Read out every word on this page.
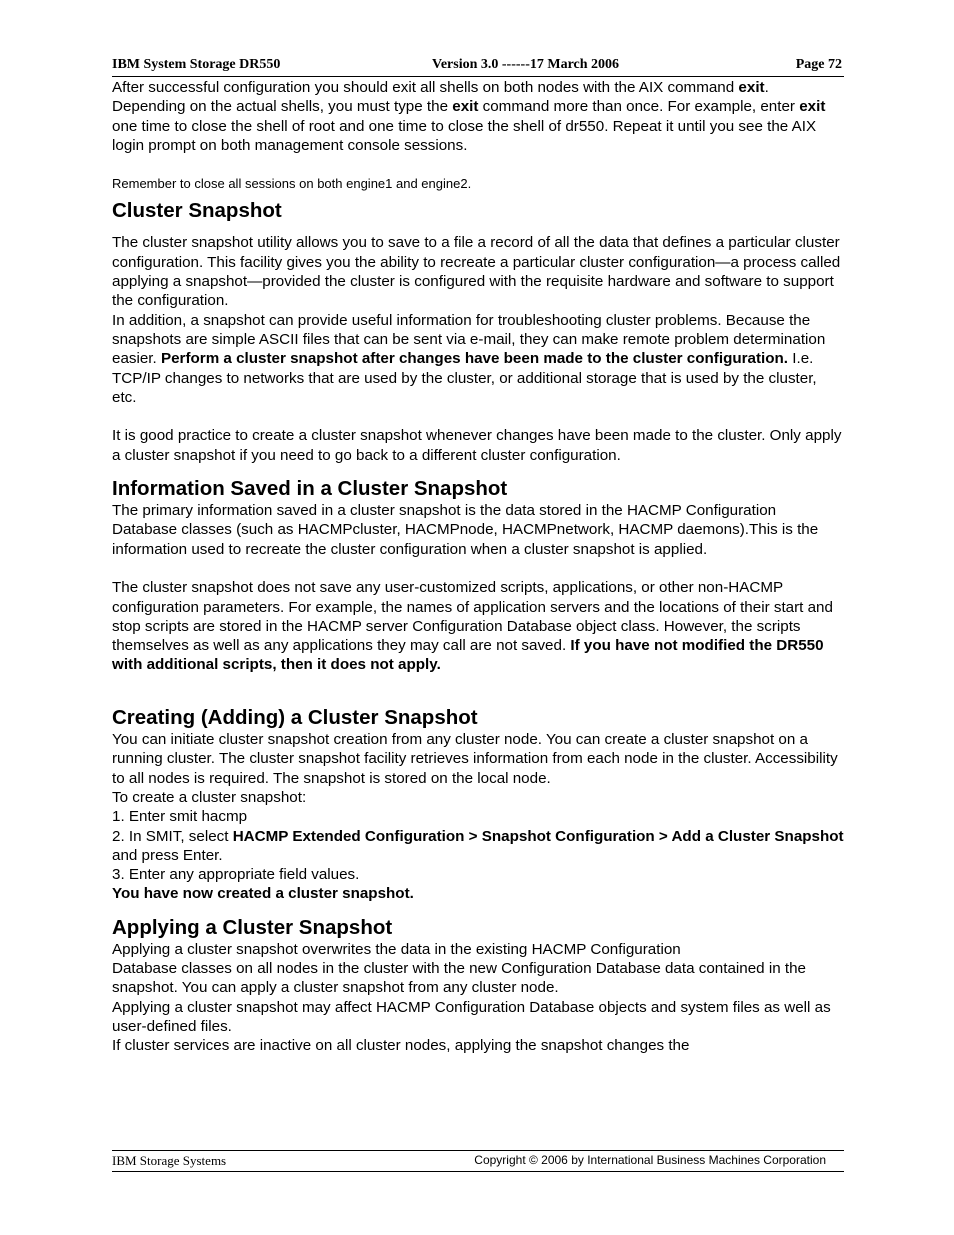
IBM System Storage DR550	Version 3.0 ------17 March 2006	Page 72

After successful configuration you should exit all shells on both nodes with the AIX command exit. Depending on the actual shells, you must type the exit command more than once. For example, enter exit one time to close the shell of root and one time to close the shell of dr550. Repeat it until you see the AIX login prompt on both management console sessions.

Remember to close all sessions on both engine1 and engine2.

Cluster Snapshot

The cluster snapshot utility allows you to save to a file a record of all the data that defines a particular cluster configuration. This facility gives you the ability to recreate a particular cluster configuration—a process called applying a snapshot—provided the cluster is configured with the requisite hardware and software to support the configuration.

In addition, a snapshot can provide useful information for troubleshooting cluster problems. Because the snapshots are simple ASCII files that can be sent via e-mail, they can make remote problem determination easier. Perform a cluster snapshot after changes have been made to the cluster configuration. I.e. TCP/IP changes to networks that are used by the cluster, or additional storage that is used by the cluster, etc.

It is good practice to create a cluster snapshot whenever changes have been made to the cluster. Only apply a cluster snapshot if you need to go back to a different cluster configuration.

Information Saved in a Cluster Snapshot

The primary information saved in a cluster snapshot is the data stored in the HACMP Configuration Database classes (such as HACMPcluster, HACMPnode, HACMPnetwork, HACMP daemons).This is the information used to recreate the cluster configuration when a cluster snapshot is applied.

The cluster snapshot does not save any user-customized scripts, applications, or other non-HACMP configuration parameters. For example, the names of application servers and the locations of their start and stop scripts are stored in the HACMP server Configuration Database object class. However, the scripts themselves as well as any applications they may call are not saved. If you have not modified the DR550 with additional scripts, then it does not apply.

Creating (Adding) a Cluster Snapshot

You can initiate cluster snapshot creation from any cluster node. You can create a cluster snapshot on a running cluster. The cluster snapshot facility retrieves information from each node in the cluster. Accessibility to all nodes is required. The snapshot is stored on the local node.

To create a cluster snapshot:

1. Enter smit hacmp

2. In SMIT, select HACMP Extended Configuration > Snapshot Configuration > Add a Cluster Snapshot and press Enter.

3. Enter any appropriate field values.

You have now created a cluster snapshot.

Applying a Cluster Snapshot

Applying a cluster snapshot overwrites the data in the existing HACMP Configuration

Database classes on all nodes in the cluster with the new Configuration Database data contained in the snapshot. You can apply a cluster snapshot from any cluster node.

Applying a cluster snapshot may affect HACMP Configuration Database objects and system files as well as user-defined files.

If cluster services are inactive on all cluster nodes, applying the snapshot changes the

IBM Storage Systems	Copyright © 2006 by International Business Machines Corporation
